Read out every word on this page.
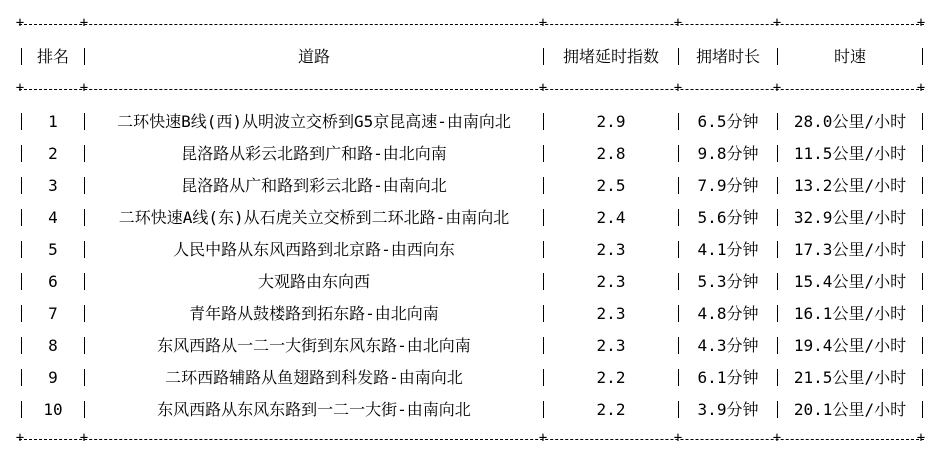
+	+	+	+	+	+
排名	道路	拥堵延时指数	拥堵时长	时速
+	+	+	+	+	+
1	二环快速B线(西)从明波立交桥到G5京昆高速-由南向北	2.9	6.5分钟	28.0公里/小时
2	昆洛路从彩云北路到广和路-由北向南	2.8	9.8分钟	11.5公里/小时
3	昆洛路从广和路到彩云北路-由南向北	2.5	7.9分钟	13.2公里/小时
4	二环快速A线(东)从石虎关立交桥到二环北路-由南向北	2.4	5.6分钟	32.9公里/小时
5	人民中路从东风西路到北京路-由西向东	2.3	4.1分钟	17.3公里/小时
6	大观路由东向西	2.3	5.3分钟	15.4公里/小时
7	青年路从鼓楼路到拓东路-由北向南	2.3	4.8分钟	16.1公里/小时
8	东风西路从一二一大街到东风东路-由北向南	2.3	4.3分钟	19.4公里/小时
9	二环西路辅路从鱼翅路到科发路-由南向北	2.2	6.1分钟	21.5公里/小时
10	东风西路从东风东路到一二一大街-由南向北	2.2	3.9分钟	20.1公里/小时
+	+	+	+	+	+
